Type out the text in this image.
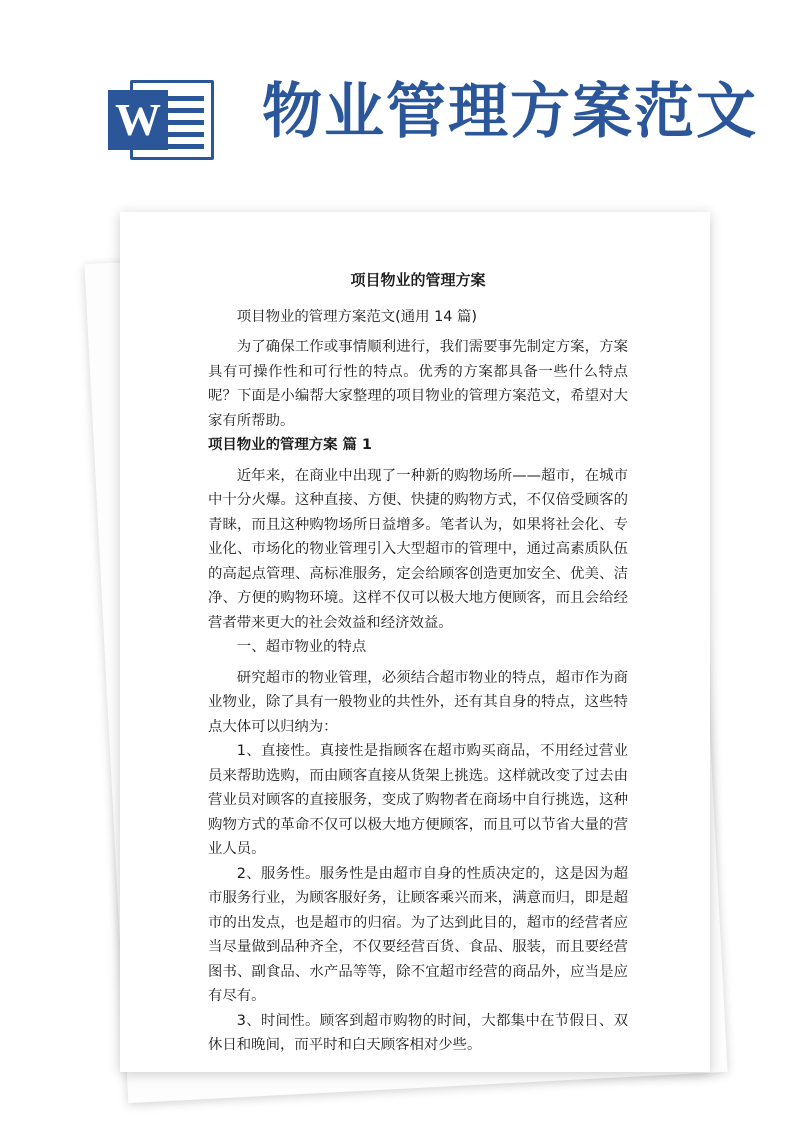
W 物业管理方案范文

项目物业的管理方案

项目物业的管理方案范文(通用 14 篇)

为了确保工作或事情顺利进行，我们需要事先制定方案，方案具有可操作性和可行性的特点。优秀的方案都具备一些什么特点呢？下面是小编帮大家整理的项目物业的管理方案范文，希望对大家有所帮助。

项目物业的管理方案 篇 1

近年来，在商业中出现了一种新的购物场所——超市，在城市中十分火爆。这种直接、方便、快捷的购物方式，不仅倍受顾客的青睐，而且这种购物场所日益增多。笔者认为，如果将社会化、专业化、市场化的物业管理引入大型超市的管理中，通过高素质队伍的高起点管理、高标准服务，定会给顾客创造更加安全、优美、洁净、方便的购物环境。这样不仅可以极大地方便顾客，而且会给经营者带来更大的社会效益和经济效益。

一、超市物业的特点

研究超市的物业管理，必须结合超市物业的特点，超市作为商业物业，除了具有一般物业的共性外，还有其自身的特点，这些特点大体可以归纳为：

1、直接性。真接性是指顾客在超市购买商品，不用经过营业员来帮助选购，而由顾客直接从货架上挑选。这样就改变了过去由营业员对顾客的直接服务，变成了购物者在商场中自行挑选，这种购物方式的革命不仅可以极大地方便顾客，而且可以节省大量的营业人员。

2、服务性。服务性是由超市自身的性质决定的，这是因为超市服务行业，为顾客服好务，让顾客乘兴而来，满意而归，即是超市的出发点，也是超市的归宿。为了达到此目的，超市的经营者应当尽量做到品种齐全，不仅要经营百货、食品、服装，而且要经营图书、副食品、水产品等等，除不宜超市经营的商品外，应当是应有尽有。

3、时间性。顾客到超市购物的时间，大都集中在节假日、双休日和晚间，而平时和白天顾客相对少些。
